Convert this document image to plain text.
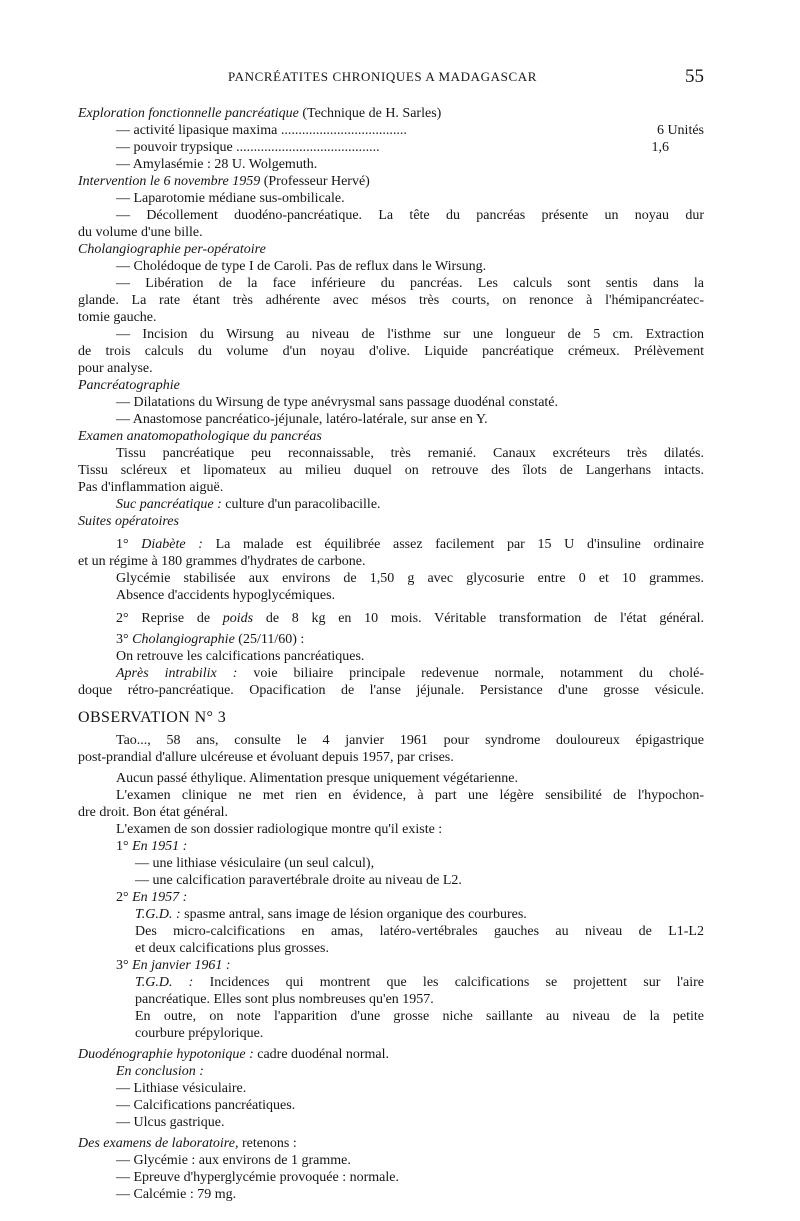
PANCRÉATITES CHRONIQUES A MADAGASCAR	55
Exploration fonctionnelle pancréatique (Technique de H. Sarles)
— activité lipasique maxima ....................................	6 Unités
— pouvoir trypsique .........................................	1,6
— Amylasémie : 28 U. Wolgemuth.
Intervention le 6 novembre 1959 (Professeur Hervé)
— Laparotomie médiane sus-ombilicale.
— Décollement duodéno-pancréatique. La tête du pancréas présente un noyau dur
du volume d'une bille.
Cholangiographie per-opératoire
— Cholédoque de type I de Caroli. Pas de reflux dans le Wirsung.
— Libération de la face inférieure du pancréas. Les calculs sont sentis dans la
glande. La rate étant très adhérente avec mésos très courts, on renonce à l'hémipancréatec-
tomie gauche.
— Incision du Wirsung au niveau de l'isthme sur une longueur de 5 cm. Extraction
de trois calculs du volume d'un noyau d'olive. Liquide pancréatique crémeux. Prélèvement
pour analyse.
Pancréatographie
— Dilatations du Wirsung de type anévrysmal sans passage duodénal constaté.
— Anastomose pancréatico-jéjunale, latéro-latérale, sur anse en Y.
Examen anatomopathologique du pancréas
Tissu pancréatique peu reconnaissable, très remanié. Canaux excréteurs très dilatés.
Tissu scléreux et lipomateux au milieu duquel on retrouve des îlots de Langerhans intacts.
Pas d'inflammation aiguë.
Suc pancréatique : culture d'un paracolibacille.
Suites opératoires
1° Diabète : La malade est équilibrée assez facilement par 15 U d'insuline ordinaire
et un régime à 180 grammes d'hydrates de carbone.
Glycémie stabilisée aux environs de 1,50 g avec glycosurie entre 0 et 10 grammes.
Absence d'accidents hypoglycémiques.
2° Reprise de poids de 8 kg en 10 mois. Véritable transformation de l'état général.
3° Cholangiographie (25/11/60) :
On retrouve les calcifications pancréatiques.
Après intrabilix : voie biliaire principale redevenue normale, notamment du cholé-
doque rétro-pancréatique. Opacification de l'anse jéjunale. Persistance d'une grosse vésicule.
OBSERVATION N° 3
Tao..., 58 ans, consulte le 4 janvier 1961 pour syndrome douloureux épigastrique
post-prandial d'allure ulcéreuse et évoluant depuis 1957, par crises.
Aucun passé éthylique. Alimentation presque uniquement végétarienne.
L'examen clinique ne met rien en évidence, à part une légère sensibilité de l'hypochon-
dre droit. Bon état général.
L'examen de son dossier radiologique montre qu'il existe :
1° En 1951 :
— une lithiase vésiculaire (un seul calcul),
— une calcification paravertébrale droite au niveau de L2.
2° En 1957 :
T.G.D. : spasme antral, sans image de lésion organique des courbures.
Des micro-calcifications en amas, latéro-vertébrales gauches au niveau de L1-L2
et deux calcifications plus grosses.
3° En janvier 1961 :
T.G.D. : Incidences qui montrent que les calcifications se projettent sur l'aire
pancréatique. Elles sont plus nombreuses qu'en 1957.
En outre, on note l'apparition d'une grosse niche saillante au niveau de la petite
courbure prépylorique.
Duodénographie hypotonique : cadre duodénal normal.
En conclusion :
— Lithiase vésiculaire.
— Calcifications pancréatiques.
— Ulcus gastrique.
Des examens de laboratoire, retenons :
— Glycémie : aux environs de 1 gramme.
— Epreuve d'hyperglycémie provoquée : normale.
— Calcémie : 79 mg.
